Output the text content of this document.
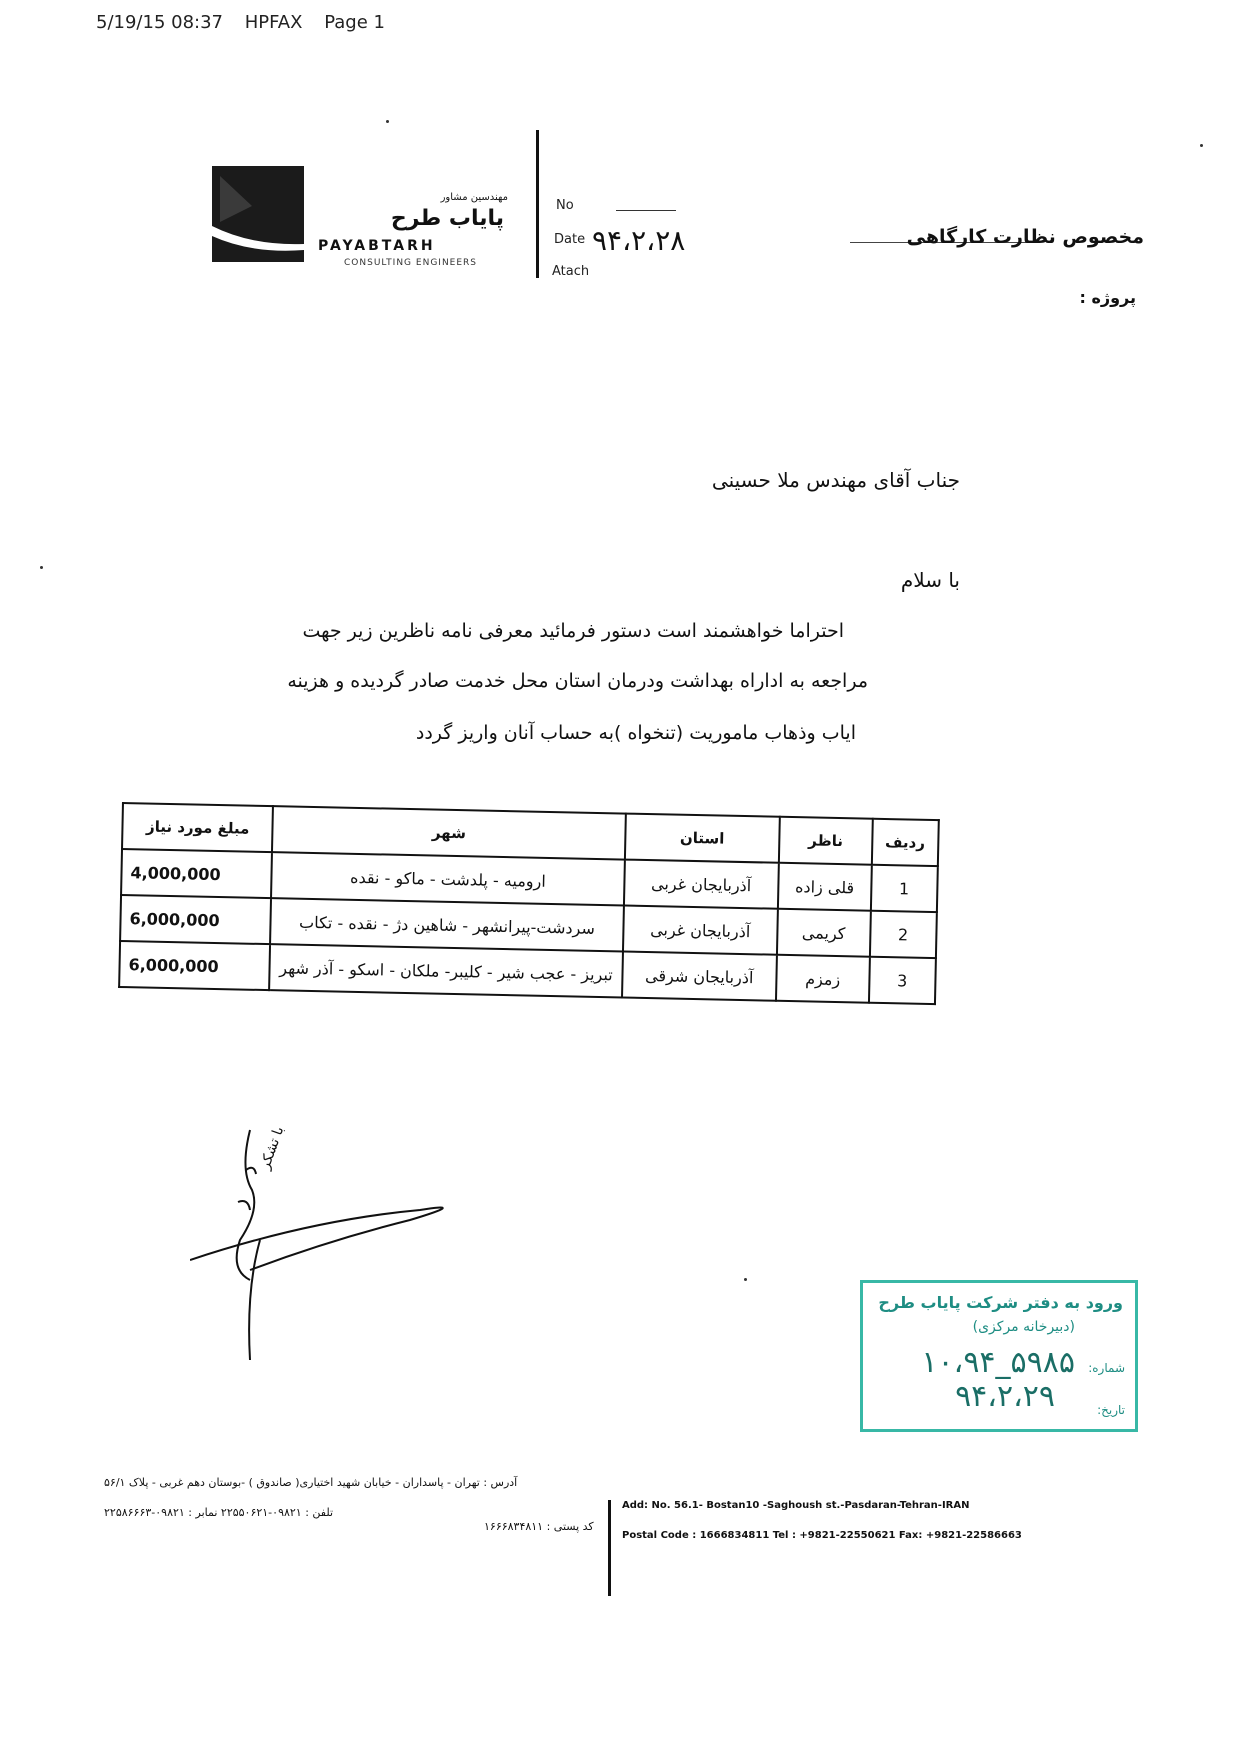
5/19/15 08:37 HPFAX Page 1
مهندسین مشاور
پایاب طرح
PAYABTARH
CONSULTING ENGINEERS
No
Date ۹۴،۲،۲۸
Atach
مخصوص نظارت کارگاهی
پروژه :
جناب آقای مهندس ملا حسینی
با سلام
احتراما خواهشمند است دستور فرمائید معرفی نامه ناظرین زیر جهت
مراجعه به اداراه بهداشت ودرمان استان محل خدمت صادر گردیده و هزینه
ایاب وذهاب ماموریت (تنخواه )به حساب آنان واریز گردد
مبلغ مورد نیاز	شهر	استان	ناظر	ردیف
4,000,000	ارومیه - پلدشت - ماکو - نقده	آذربایجان غربی	قلی زاده	1
6,000,000	سردشت-پیرانشهر - شاهین دژ - نقده - تکاب	آذربایجان غربی	کریمی	2
6,000,000	تبریز - عجب شیر - کلیبر- ملکان - اسکو - آذر شهر	آذربایجان شرقی	زمزم	3
با تشکر
ورود به دفتر شرکت پایاب طرح
(دبیرخانه مرکزی)
شماره:
۱۰،۹۴_۵۹۸۵
تاریخ:
۹۴،۲،۲۹
آدرس : تهران - پاسداران - خیابان شهید اختیاری( صاندوق ) -بوستان دهم غربی - پلاک ۵۶/۱
تلفن : ۰۹۸۲۱-۲۲۵۵۰۶۲۱ نمابر : ۰۹۸۲۱-۲۲۵۸۶۶۶۳
کد پستی : ۱۶۶۶۸۳۴۸۱۱
Add: No. 56.1- Bostan10 -Saghoush st.-Pasdaran-Tehran-IRAN
Postal Code : 1666834811 Tel : +9821-22550621 Fax: +9821-22586663
